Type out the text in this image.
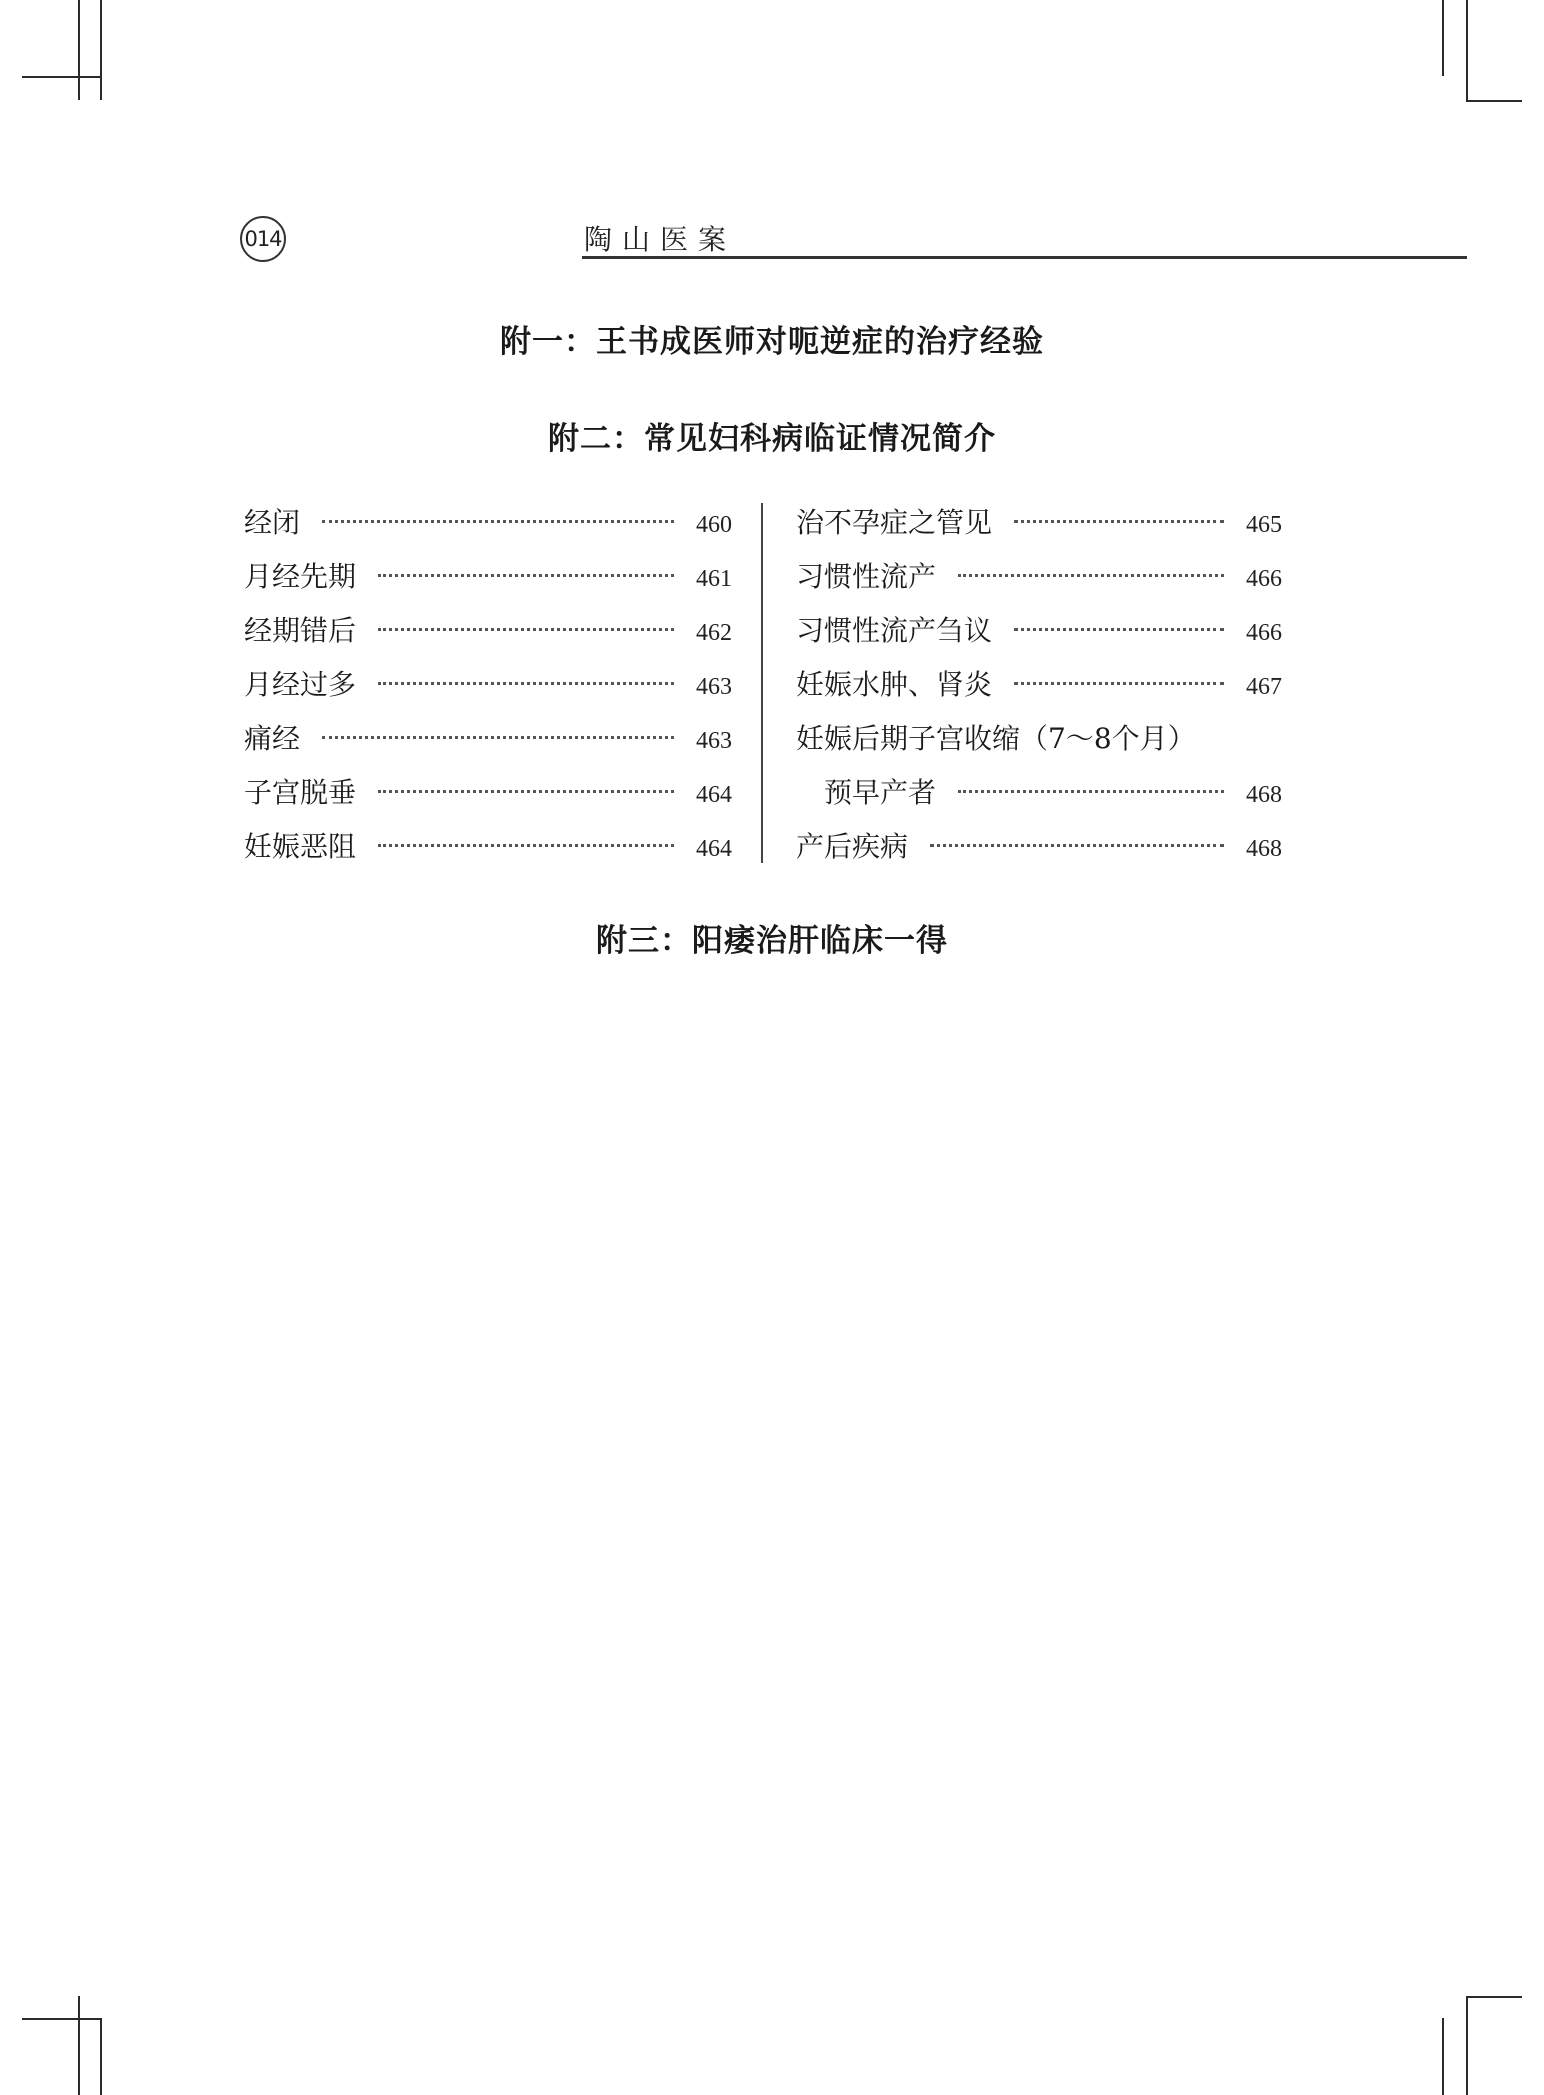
014	陶山医案
附一：王书成医师对呃逆症的治疗经验
附二：常见妇科病临证情况简介
附三：阳痿治肝临床一得
经闭	460
月经先期	461
经期错后	462
月经过多	463
痛经	463
子宫脱垂	464
妊娠恶阻	464
治不孕症之管见	465
习惯性流产	466
习惯性流产刍议	466
妊娠水肿、肾炎	467
妊娠后期子宫收缩（7～8个月）
预早产者	468
产后疾病	468
